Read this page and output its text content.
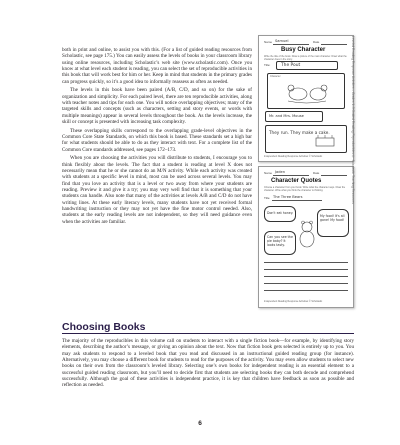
both in print and online, to assist you with this. (For a list of guided reading resources from Scholastic, see page 175.) You can easily assess the levels of books in your classroom library using online resources, including Scholastic’s web site (www.scholastic.com). Once you know at what level each student is reading, you can select the set of reproducible activities in this book that will work best for him or her. Keep in mind that students in the primary grades can progress quickly, so it’s a good idea to informally reassess as often as needed.

The levels in this book have been paired (A/B, C/D, and so on) for the sake of organization and simplicity. For each paired level, there are ten reproducible activities, along with teacher notes and tips for each one. You will notice overlapping objectives; many of the targeted skills and concepts (such as characters, setting and story events, or words with multiple meanings) appear in several levels throughout the book. As the levels increase, the skill or concept is presented with increasing task complexity.

These overlapping skills correspond to the overlapping grade-level objectives in the Common Core State Standards, on which this book is based. These standards set a high bar for what students should be able to do as they interact with text. For a complete list of the Common Core standards addressed, see pages 172–173.

When you are choosing the activities you will distribute to students, I encourage you to think flexibly about the levels. The fact that a student is reading at level X does not necessarily mean that he or she cannot do an M/N activity. While each activity was created with students at a specific level in mind, most can be used across several levels. You may find that you love an activity that is a level or two away from where your students are reading. Preview it and give it a try; you may very well find that it is something that your students can handle. Also note that many of the activities at levels A/B and C/D do not have writing lines. At these early literacy levels, many students have not yet received formal handwriting instruction or they may not yet have the fine motor control needed. Also, students at the early reading levels are not independent, so they will need guidance even when the activities are familiar.

Name Samuel	Date
Busy Character
Write the title of the book. Draw a picture of the main character. Draw what the character does in the story.
Title: The Pout
Character
Mr. and Mrs. Mouse
They run. They make a cake.
Independent Reading Response Activities © Scholastic
Name Jaden	Date
Character Quotes
Choose a character from your book. Write what the character says. Draw the character. Write what you think the character is thinking.
Title The Three Bears
Don't eat honey.
My food! It's all gone! My food!
Can you see the pie baby? It looks tasty.
Independent Reading Response Activities © Scholastic
Leveled Reading Response Activities – Grades 1–3 Guided Reading Reproducibles © Scholastic Teaching Resources
Choosing Books

The majority of the reproducibles in this volume call on students to interact with a single fiction book—for example, by identifying story elements, describing the author’s message, or giving an opinion about the text. Now that fiction book gets selected is entirely up to you. You may ask students to respond to a leveled book that you read and discussed in an instructional guided reading group (for instance). Alternatively, you may choose a different book for students to read for the purposes of the activity. You may even allow students to select new books on their own from the classroom’s leveled library. Selecting one’s own books for independent reading is an essential element to a successful guided reading classroom, but you’ll need to decide first that students are selecting books they can both decode and comprehend successfully. Although the goal of these activities is independent practice, it is key that children have feedback as soon as possible and reflection as needed.

6
